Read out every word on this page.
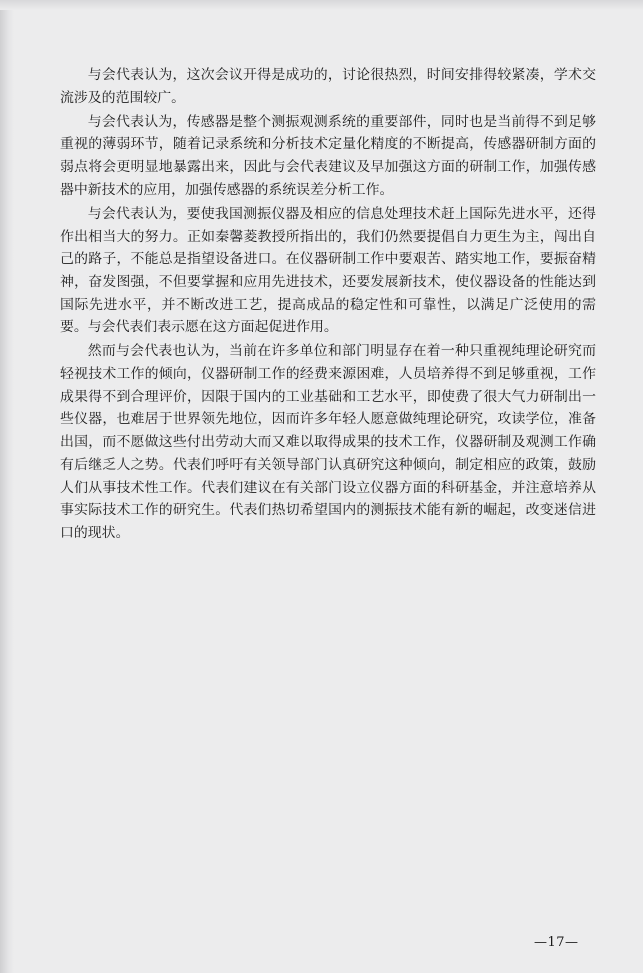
与会代表认为，这次会议开得是成功的，讨论很热烈，时间安排得较紧凑，学术交流涉及的范围较广。

与会代表认为，传感器是整个测振观测系统的重要部件，同时也是当前得不到足够重视的薄弱环节，随着记录系统和分析技术定量化精度的不断提高，传感器研制方面的弱点将会更明显地暴露出来，因此与会代表建议及早加强这方面的研制工作，加强传感器中新技术的应用，加强传感器的系统误差分析工作。

与会代表认为，要使我国测振仪器及相应的信息处理技术赶上国际先进水平，还得作出相当大的努力。正如秦馨菱教授所指出的，我们仍然要提倡自力更生为主，闯出自己的路子，不能总是指望设备进口。在仪器研制工作中要艰苦、踏实地工作，要振奋精神，奋发图强，不但要掌握和应用先进技术，还要发展新技术，使仪器设备的性能达到国际先进水平，并不断改进工艺，提高成品的稳定性和可靠性，以满足广泛使用的需要。与会代表们表示愿在这方面起促进作用。

然而与会代表也认为，当前在许多单位和部门明显存在着一种只重视纯理论研究而轻视技术工作的倾向，仪器研制工作的经费来源困难，人员培养得不到足够重视，工作成果得不到合理评价，因限于国内的工业基础和工艺水平，即使费了很大气力研制出一些仪器，也难居于世界领先地位，因而许多年轻人愿意做纯理论研究，攻读学位，准备出国，而不愿做这些付出劳动大而又难以取得成果的技术工作，仪器研制及观测工作确有后继乏人之势。代表们呼吁有关领导部门认真研究这种倾向，制定相应的政策，鼓励人们从事技术性工作。代表们建议在有关部门设立仪器方面的科研基金，并注意培养从事实际技术工作的研究生。代表们热切希望国内的测振技术能有新的崛起，改变迷信进口的现状。

—17—
